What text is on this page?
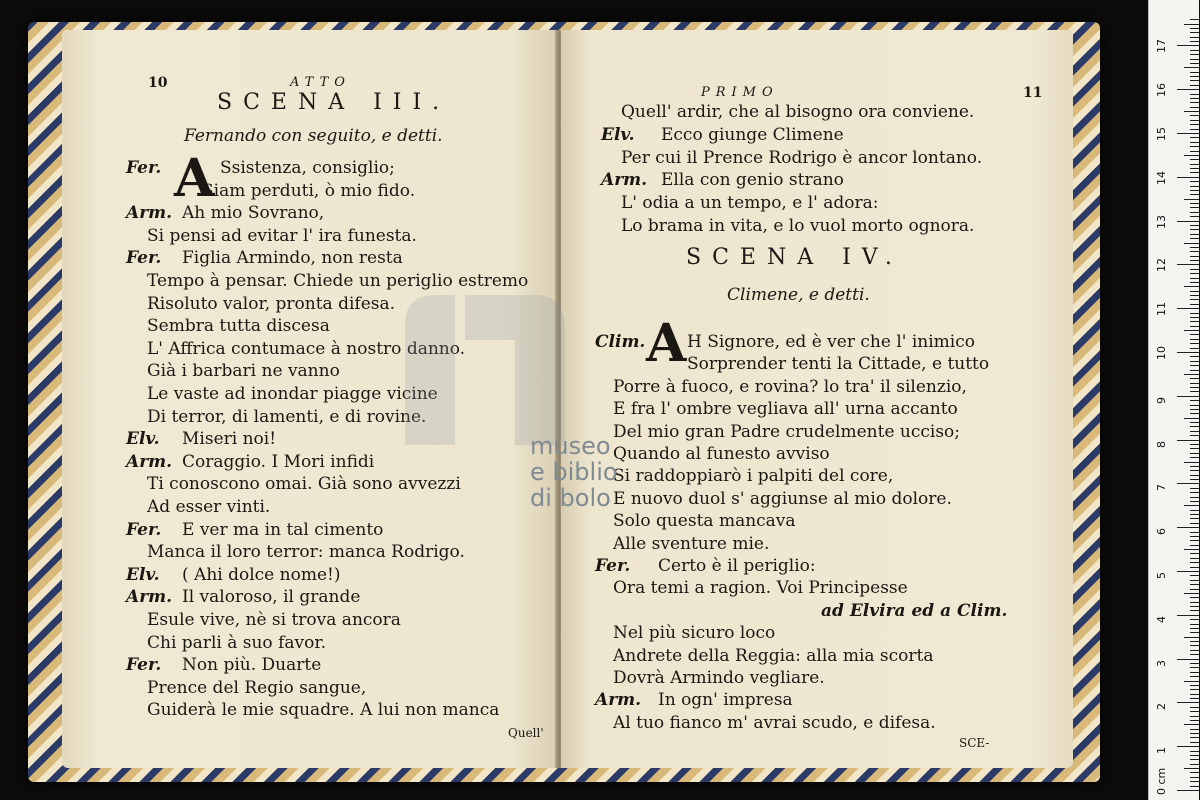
10	ATTO
SCENA III.
Fernando con seguito, e detti.
A
Quell'
Fer.	Ssistenza, consiglio;
Siam perduti, ò mio fido.
Arm. Ah mio Sovrano,
Si pensi ad evitar l' ira funesta.
Fer. Figlia Armindo, non resta
Tempo à pensar. Chiede un periglio estremo
Risoluto valor, pronta difesa.
Sembra tutta discesa
L' Affrica contumace à nostro danno.
Già i barbari ne vanno
Le vaste ad inondar piagge vicine
Di terror, di lamenti, e di rovine.
Elv. Miseri noi!
Arm. Coraggio. I Mori infidi
Ti conoscono omai. Già sono avvezzi
Ad esser vinti.
Fer. E ver ma in tal cimento
Manca il loro terror: manca Rodrigo.
Elv. ( Ahi dolce nome!)
Arm. Il valoroso, il grande
Esule vive, nè si trova ancora
Chi parli à suo favor.
Fer. Non più. Duarte
Prence del Regio sangue,
Guiderà le mie squadre. A lui non manca
PRIMO	11
SCENA IV.
Climene, e detti.
A
SCE-
Quell' ardir, che al bisogno ora conviene.
Elv. Ecco giunge Climene
Per cui il Prence Rodrigo è ancor lontano.
Arm. Ella con genio strano
L' odia a un tempo, e l' adora:
Lo brama in vita, e lo vuol morto ognora.
Clim. H Signore, ed è ver che l' inimico
Sorprender tenti la Cittade, e tutto
Porre à fuoco, e rovina? lo tra' il silenzio,
E fra l' ombre vegliava all' urna accanto
Del mio gran Padre crudelmente ucciso;
Quando al funesto avviso
Si raddoppiarò i palpiti del core,
E nuovo duol s' aggiunse al mio dolore.
Solo questa mancava
Alle sventure mie.
Fer. Certo è il periglio:
Ora temi a ragion. Voi Principesse
ad Elvira ed a Clim.
Nel più sicuro loco
Andrete della Reggia: alla mia scorta
Dovrà Armindo vegliare.
Arm. In ogn' impresa
Al tuo fianco m' avrai scudo, e difesa.
museo
e biblio
di bolo
1
2
3
4
5
6
7
8
9
10
11
12
13
14
15
16
17
0 cm
